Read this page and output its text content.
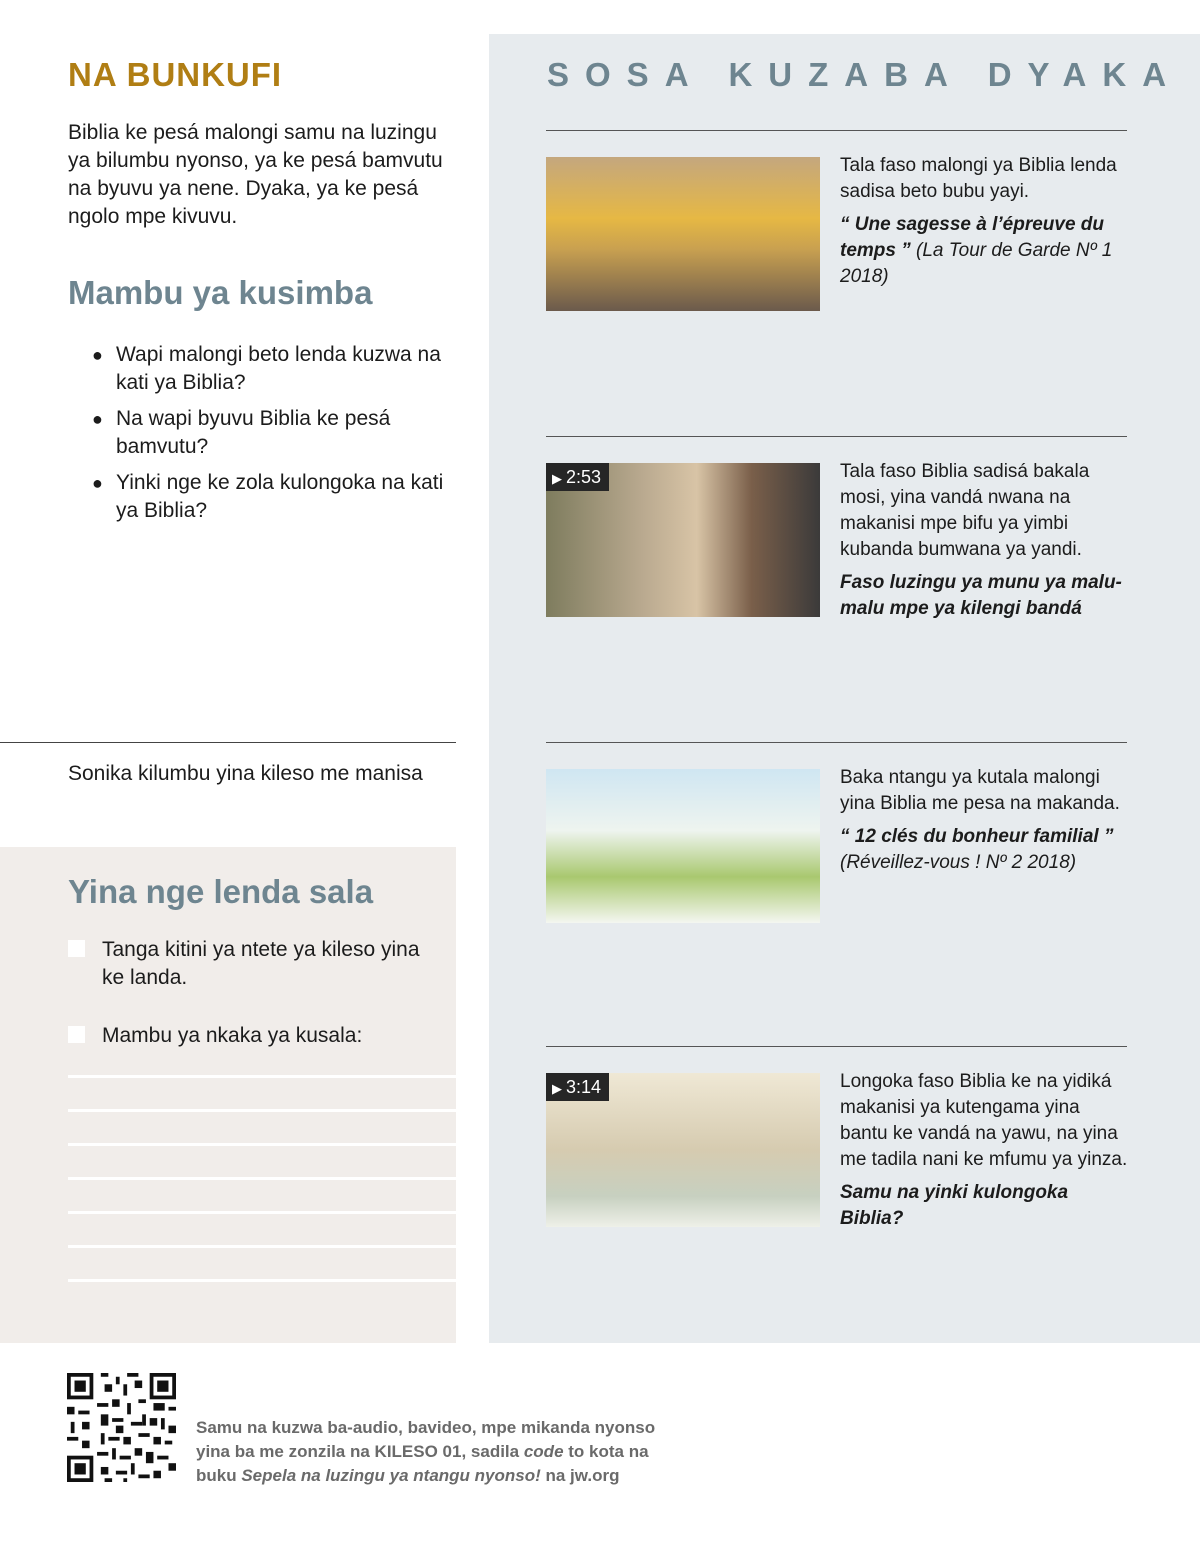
NA BUNKUFI

Biblia ke pesá malongi samu na luzingu ya bilumbu nyonso, ya ke pesá bamvutu na byuvu ya nene. Dyaka, ya ke pesá ngolo mpe kivuvu.

Mambu ya kusimba
● Wapi malongi beto lenda kuzwa na kati ya Biblia?
● Na wapi byuvu Biblia ke pesá bamvutu?
● Yinki nge ke zola kulongoka na kati ya Biblia?

Sonika kilumbu yina kileso me manisa

Yina nge lenda sala
Tanga kitini ya ntete ya kileso yina ke landa.
Mambu ya nkaka ya kusala:
SOSA KUZABA DYAKA
Tala faso malongi ya Biblia lenda sadisa beto bubu yayi.
“ Une sagesse à l’épreuve du temps ” (La Tour de Garde Nº 1 2018)
▶ 2:53	Tala faso Biblia sadisá bakala mosi, yina vandá nwana na makanisi mpe bifu ya yimbi kubanda bumwana ya yandi.
Faso luzingu ya munu ya malu-malu mpe ya kilengi bandá
Baka ntangu ya kutala malongi yina Biblia me pesa na makanda.
“ 12 clés du bonheur familial ” (Réveillez-vous ! Nº 2 2018)
▶ 3:14	Longoka faso Biblia ke na yidiká makanisi ya kutengama yina bantu ke vandá na yawu, na yina me tadila nani ke mfumu ya yinza.
Samu na yinki kulongoka Biblia?
Samu na kuzwa ba-audio, bavideo, mpe mikanda nyonso
yina ba me zonzila na KILESO 01, sadila code to kota na
buku Sepela na luzingu ya ntangu nyonso! na jw.org
